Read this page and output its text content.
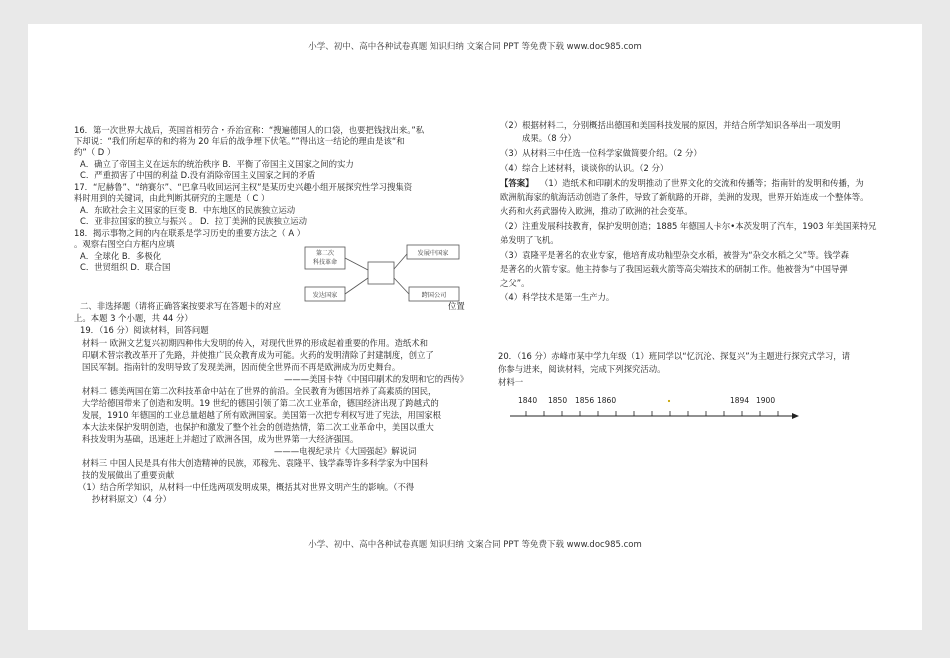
小学、初中、高中各种试卷真题 知识归纳 文案合同 PPT 等免费下载 www.doc985.com
16．第一次世界大战后，英国首相劳合・乔治宣称：“搜遍德国人的口袋，也要把钱找出来。”私
下却说：“我们所起草的和约将为 20 年后的战争埋下伏笔。””得出这一结论的理由是该“和
约”（ D ）
A．确立了帝国主义在远东的统治秩序 B．平衡了帝国主义国家之间的实力
C．严重损害了中国的利益 D.没有消除帝国主义国家之间的矛盾
17．“尼赫鲁”、“纳赛尔”、“巴拿马收回运河主权”是某历史兴趣小组开展探究性学习搜集资
料时用到的关键词，由此判断其研究的主题是（ C ）
A．东欧社会主义国家的巨变 B．中东地区的民族独立运动
C．亚非拉国家的独立与振兴 。 D．拉丁美洲的民族独立运动
18．揭示事物之间的内在联系是学习历史的重要方法之（ A ）
。观察右图空白方框内应填
A．全球化 B．多极化
C．世贸组织 D．联合国
第二次
科技革命
发展中国家
发达国家	跨国公司
二、非选择题（请将正确答案按要求写在答题卡的对应	位置
上。本题 3 个小题，共 44 分）
19．（16 分）阅读材料，回答问题
材料一 欧洲文艺复兴初期四种伟大发明的传入，对现代世界的形成起着重要的作用。造纸术和
印刷术替宗教改革开了先路，并使推广民众教育成为可能。火药的发明清除了封建制度，创立了
国民军制。指南针的发明导致了发现美洲，因而使全世界而不再是欧洲成为历史舞台。
———美国卡特《中国印刷术的发明和它的西传》
材料二 德美两国在第二次科技革命中站在了世界的前沿。全民教育为德国培养了高素质的国民，
大学给德国带来了创造和发明。19 世纪的德国引领了第二次工业革命，德国经济出现了跨越式的
发展，1910 年德国的工业总量超越了所有欧洲国家。美国第一次把专利权写进了宪法，用国家根
本大法来保护发明创造，也保护和激发了整个社会的创造热情，第二次工业革命中，美国以重大
科技发明为基础，迅速赶上并超过了欧洲各国，成为世界第一大经济强国。
———电视纪录片《大国强起》解说词
材料三 中国人民是具有伟大创造精神的民族，邓稼先、袁隆平、钱学森等许多科学家为中国科
技的发展做出了重要贡献
（1）结合所学知识，从材料一中任选两项发明成果，概括其对世界文明产生的影响。（不得
抄材料原文）（4 分）
（2）根据材料二，分别概括出德国和美国科技发展的原因，并结合所学知识各举出一项发明
成果。（8 分）
（3）从材料三中任选一位科学家做简要介绍。（2 分）
（4）综合上述材料，谈谈你的认识。（2 分）
【答案】 （1）造纸术和印刷术的发明推动了世界文化的交流和传播等；指南针的发明和传播，为
欧洲航海家的航海活动创造了条件，导致了新航路的开辟，美洲的发现，世界开始连成一个整体等。
火药和火药武器传入欧洲，推动了欧洲的社会变革。
（2）注重发展科技教育，保护发明创造；1885 年德国人卡尔•本茨发明了汽车，1903 年美国莱特兄
弟发明了飞机。
（3）袁隆平是著名的农业专家，他培育成功籼型杂交水稻，被誉为“杂交水稻之父”等。钱学森
是著名的火箭专家。他主持参与了我国运载火箭等高尖端技术的研制工作。他被誉为“中国导弹
之父”。
（4）科学技术是第一生产力。
20．（16 分）赤峰市某中学九年级（1）班同学以“忆沉沦、探复兴”为主题进行探究式学习，请
你参与进来，阅读材料，完成下列探究活动。
材料一
1840 1850 1856 1860	1894 1900
小学、初中、高中各种试卷真题 知识归纳 文案合同 PPT 等免费下载 www.doc985.com
